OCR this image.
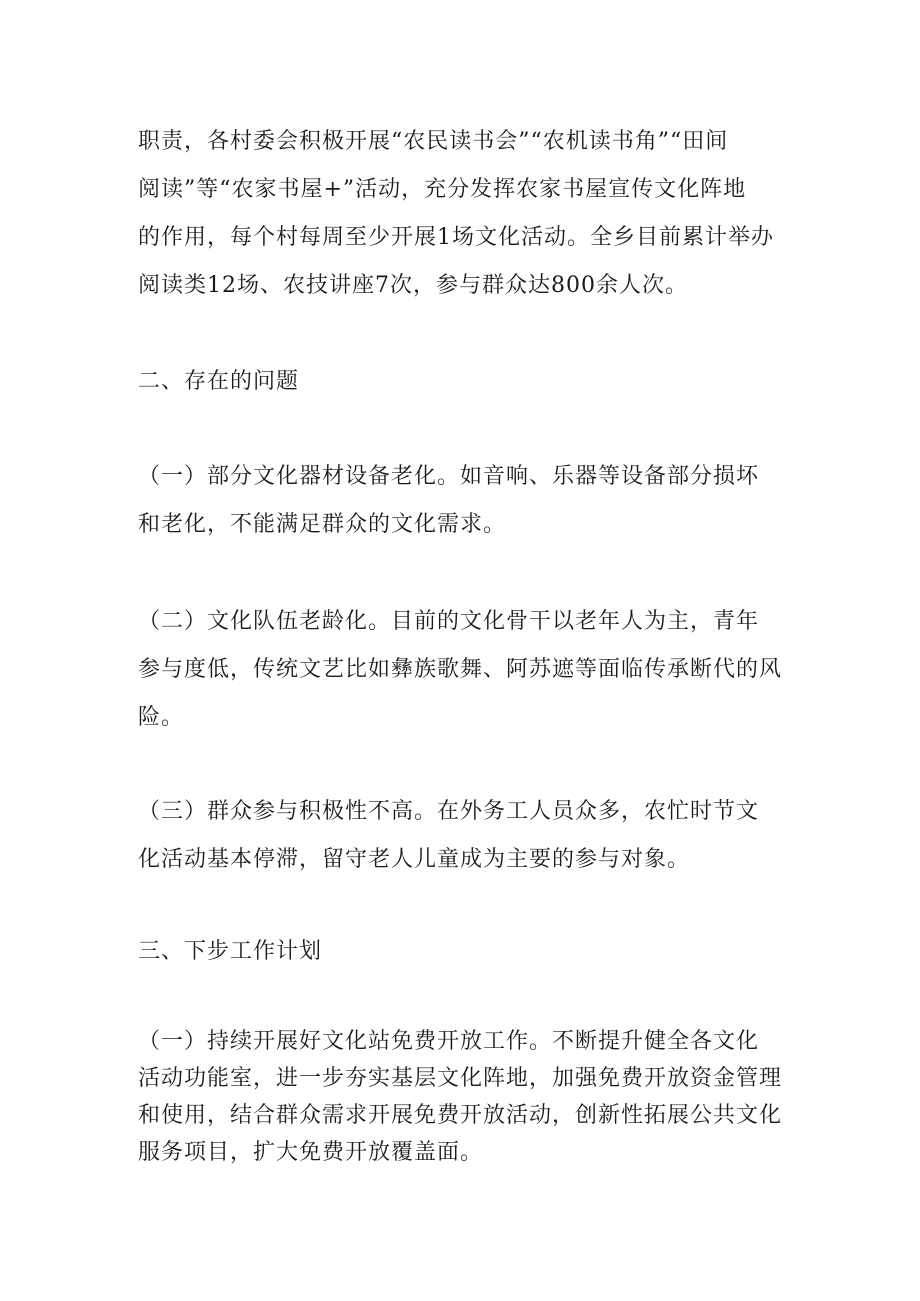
职责，各村委会积极开展“农民读书会”“农机读书角”“田间
阅读”等“农家书屋+”活动，充分发挥农家书屋宣传文化阵地
的作用，每个村每周至少开展1场文化活动。全乡目前累计举办
阅读类12场、农技讲座7次，参与群众达800余人次。
二、存在的问题
（一）部分文化器材设备老化。如音响、乐器等设备部分损坏
和老化，不能满足群众的文化需求。
（二）文化队伍老龄化。目前的文化骨干以老年人为主，青年
参与度低，传统文艺比如彝族歌舞、阿苏遮等面临传承断代的风
险。
（三）群众参与积极性不高。在外务工人员众多，农忙时节文
化活动基本停滞，留守老人儿童成为主要的参与对象。
三、下步工作计划
（一）持续开展好文化站免费开放工作。不断提升健全各文化
活动功能室，进一步夯实基层文化阵地，加强免费开放资金管理
和使用，结合群众需求开展免费开放活动，创新性拓展公共文化
服务项目，扩大免费开放覆盖面。
